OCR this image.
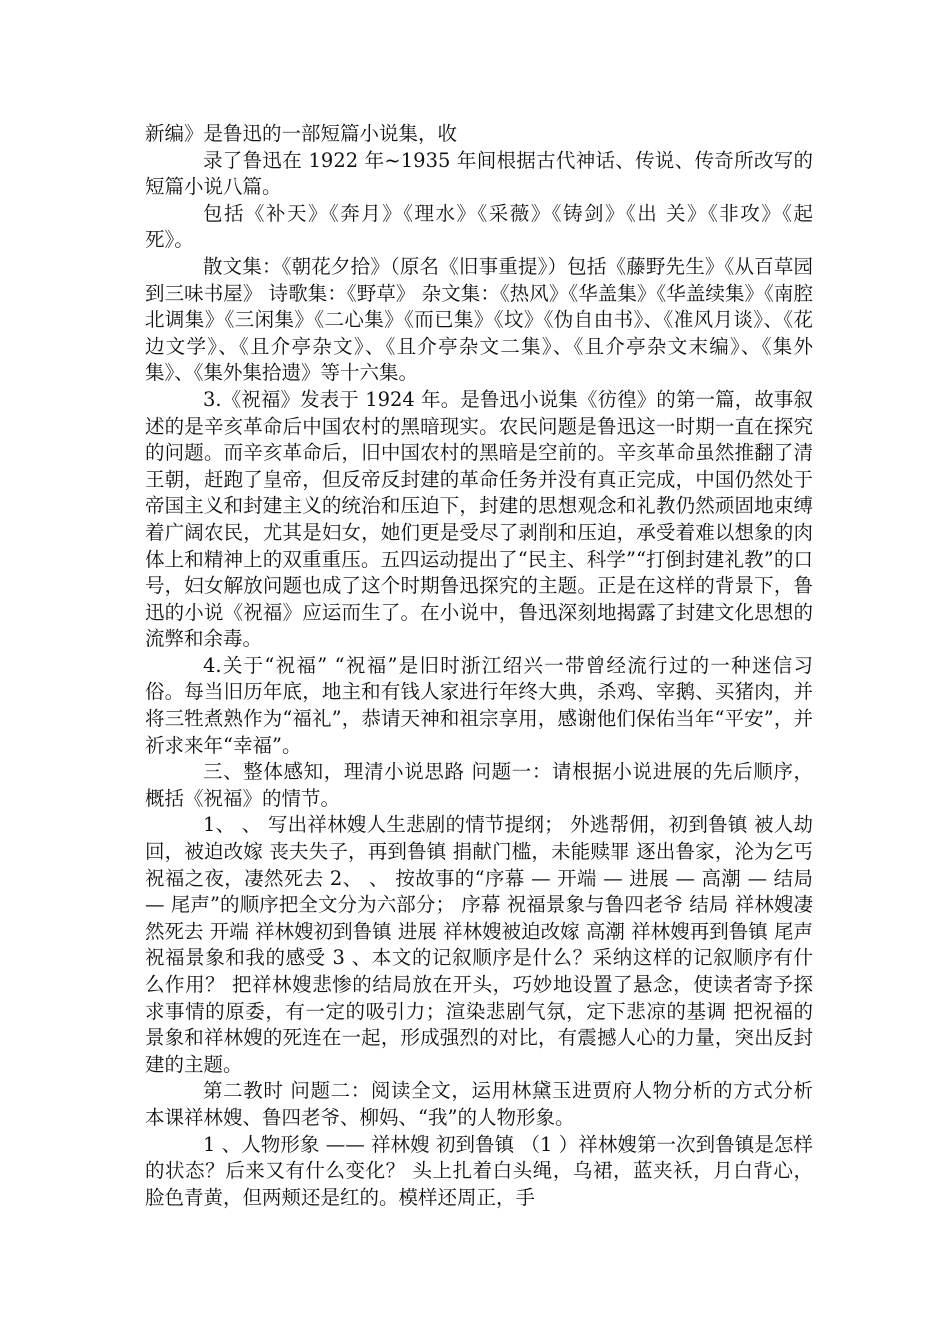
新编》是鲁迅的一部短篇小说集，收

录了鲁迅在 1922 年~1935 年间根据古代神话、传说、传奇所改写的短篇小说八篇。

包括《补天》《奔月》《理水》《采薇》《铸剑》《出 关》《非攻》《起死》。

散文集：《朝花夕拾》（原名《旧事重提》）包括《藤野先生》《从百草园到三味书屋》 诗歌集：《野草》 杂文集：《热风》《华盖集》《华盖续集》《南腔北调集》《三闲集》《二心集》《而已集》《坟》《伪自由书》、《准风月谈》、《花边文学》、《且介亭杂文》、《且介亭杂文二集》、《且介亭杂文末编》、《集外集》、《集外集拾遗》等十六集。

3.《祝福》发表于 1924 年。是鲁迅小说集《彷徨》的第一篇，故事叙述的是辛亥革命后中国农村的黑暗现实。农民问题是鲁迅这一时期一直在探究的问题。而辛亥革命后，旧中国农村的黑暗是空前的。辛亥革命虽然推翻了清王朝，赶跑了皇帝，但反帝反封建的革命任务并没有真正完成，中国仍然处于帝国主义和封建主义的统治和压迫下，封建的思想观念和礼教仍然顽固地束缚着广阔农民，尤其是妇女，她们更是受尽了剥削和压迫，承受着难以想象的肉体上和精神上的双重重压。五四运动提出了“民主、科学”“打倒封建礼教”的口号，妇女解放问题也成了这个时期鲁迅探究的主题。正是在这样的背景下，鲁迅的小说《祝福》应运而生了。在小说中，鲁迅深刻地揭露了封建文化思想的流弊和余毒。

4.关于“祝福” “祝福”是旧时浙江绍兴一带曾经流行过的一种迷信习俗。每当旧历年底，地主和有钱人家进行年终大典，杀鸡、宰鹅、买猪肉，并将三牲煮熟作为“福礼”，恭请天神和祖宗享用，感谢他们保佑当年“平安”，并祈求来年“幸福”。

三、整体感知，理清小说思路 问题一：请根据小说进展的先后顺序，概括《祝福》的情节。

1、 、 写出祥林嫂人生悲剧的情节提纲； 外逃帮佣，初到鲁镇 被人劫回，被迫改嫁 丧夫失子，再到鲁镇 捐献门槛，未能赎罪 逐出鲁家，沦为乞丐 祝福之夜，凄然死去 2、 、 按故事的“序幕 — 开端 — 进展 — 高潮 — 结局 — 尾声”的顺序把全文分为六部分； 序幕 祝福景象与鲁四老爷 结局 祥林嫂凄然死去 开端 祥林嫂初到鲁镇 进展 祥林嫂被迫改嫁 高潮 祥林嫂再到鲁镇 尾声 祝福景象和我的感受 3 、本文的记叙顺序是什么？采纳这样的记叙顺序有什么作用？ 把祥林嫂悲惨的结局放在开头，巧妙地设置了悬念，使读者寄予探求事情的原委，有一定的吸引力；渲染悲剧气氛，定下悲凉的基调 把祝福的景象和祥林嫂的死连在一起，形成强烈的对比，有震撼人心的力量，突出反封建的主题。

第二教时 问题二：阅读全文，运用林黛玉进贾府人物分析的方式分析本课祥林嫂、鲁四老爷、柳妈、“我”的人物形象。

1 、人物形象 —— 祥林嫂 初到鲁镇 （1 ）祥林嫂第一次到鲁镇是怎样的状态？后来又有什么变化？ 头上扎着白头绳，乌裙，蓝夹袄，月白背心，脸色青黄，但两颊还是红的。模样还周正，手
